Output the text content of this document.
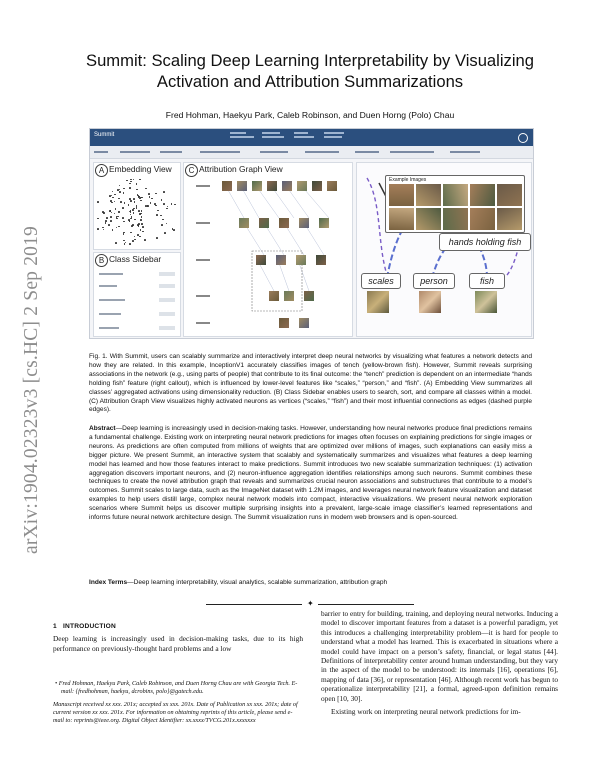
arXiv:1904.02323v3 [cs.HC] 2 Sep 2019
Summit: Scaling Deep Learning Interpretability by Visualizing Activation and Attribution Summarizations
Fred Hohman, Haekyu Park, Caleb Robinson, and Duen Horng (Polo) Chau
Summit
A Embedding View
B Class Sidebar
C Attribution Graph View
Example Images
hands holding fish
scales	person	fish
Fig. 1. With Summit, users can scalably summarize and interactively interpret deep neural networks by visualizing what features a network detects and how they are related. In this example, InceptionV1 accurately classifies images of tench (yellow-brown fish). However, Summit reveals surprising associations in the network (e.g., using parts of people) that contribute to its final outcome: the “tench” prediction is dependent on an intermediate “hands holding fish” feature (right callout), which is influenced by lower-level features like “scales,” “person,” and “fish”. (A) Embedding View summarizes all classes’ aggregated activations using dimensionality reduction. (B) Class Sidebar enables users to search, sort, and compare all classes within a model. (C) Attribution Graph View visualizes highly activated neurons as vertices (“scales,” “fish”) and their most influential connections as edges (dashed purple edges).
Abstract—Deep learning is increasingly used in decision-making tasks. However, understanding how neural networks produce final predictions remains a fundamental challenge. Existing work on interpreting neural network predictions for images often focuses on explaining predictions for single images or neurons. As predictions are often computed from millions of weights that are optimized over millions of images, such explanations can easily miss a bigger picture. We present Summit, an interactive system that scalably and systematically summarizes and visualizes what features a deep learning model has learned and how those features interact to make predictions. Summit introduces two new scalable summarization techniques: (1) activation aggregation discovers important neurons, and (2) neuron-influence aggregation identifies relationships among such neurons. Summit combines these techniques to create the novel attribution graph that reveals and summarizes crucial neuron associations and substructures that contribute to a model’s outcomes. Summit scales to large data, such as the ImageNet dataset with 1.2M images, and leverages neural network feature visualization and dataset examples to help users distill large, complex neural network models into compact, interactive visualizations. We present neural network exploration scenarios where Summit helps us discover multiple surprising insights into a prevalent, large-scale image classifier’s learned representations and informs future neural network architecture design. The Summit visualization runs in modern web browsers and is open-sourced.
Index Terms—Deep learning interpretability, visual analytics, scalable summarization, attribution graph
✦
1 INTRODUCTION
Deep learning is increasingly used in decision-making tasks, due to its high performance on previously-thought hard problems and a low

• Fred Hohman, Haekyu Park, Caleb Robinson, and Duen Horng Chau are with Georgia Tech. E-mail: {fredhohman, haekyu, dcrobins, polo}@gatech.edu.

Manuscript received xx xxx. 201x; accepted xx xxx. 201x. Date of Publication xx xxx. 201x; date of current version xx xxx. 201x. For information on obtaining reprints of this article, please send e-mail to: reprints@ieee.org. Digital Object Identifier: xx.xxxx/TVCG.201x.xxxxxxx

barrier to entry for building, training, and deploying neural networks. Inducing a model to discover important features from a dataset is a powerful paradigm, yet this introduces a challenging interpretability problem—it is hard for people to understand what a model has learned. This is exacerbated in situations where a model could have impact on a person’s safety, financial, or legal status [44]. Definitions of interpretability center around human understanding, but they vary in the aspect of the model to be understood: its internals [16], operations [6], mapping of data [36], or representation [46]. Although recent work has begun to operationalize interpretability [21], a formal, agreed-upon definition remains open [10, 30].

Existing work on interpreting neural network predictions for im-
